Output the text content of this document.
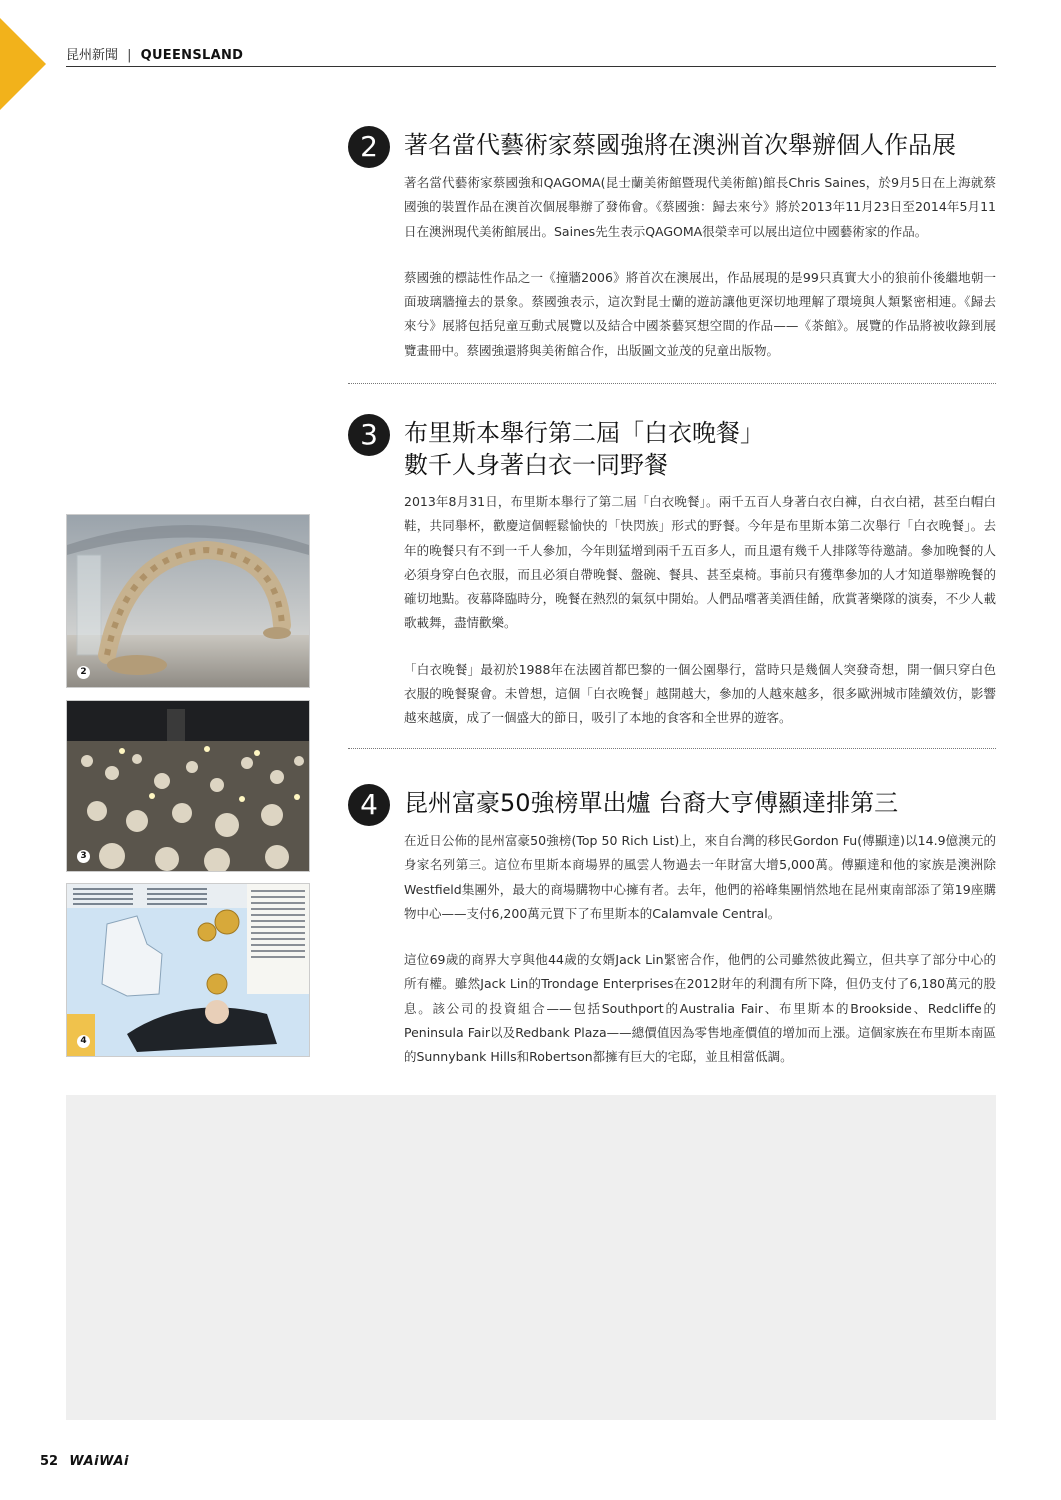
昆州新聞 | QUEENSLAND
2	著名當代藝術家蔡國強將在澳洲首次舉辦個人作品展

著名當代藝術家蔡國強和QAGOMA(昆士蘭美術館暨現代美術館)館長Chris Saines，於9月5日在上海就蔡國強的裝置作品在澳首次個展舉辦了發佈會。《蔡國強：歸去來兮》將於2013年11月23日至2014年5月11日在澳洲現代美術館展出。Saines先生表示QAGOMA很榮幸可以展出這位中國藝術家的作品。

蔡國強的標誌性作品之一《撞牆2006》將首次在澳展出，作品展現的是99只真實大小的狼前仆後繼地朝一面玻璃牆撞去的景象。蔡國強表示，這次對昆士蘭的遊訪讓他更深切地理解了環境與人類緊密相連。《歸去來兮》展將包括兒童互動式展覽以及結合中國茶藝冥想空間的作品——《茶館》。展覽的作品將被收錄到展覽畫冊中。蔡國強還將與美術館合作，出版圖文並茂的兒童出版物。

3	布里斯本舉行第二屆「白衣晚餐」
數千人身著白衣一同野餐

2013年8月31日，布里斯本舉行了第二屆「白衣晚餐」。兩千五百人身著白衣白褲，白衣白裙，甚至白帽白鞋，共同舉杯，歡慶這個輕鬆愉快的「快閃族」形式的野餐。今年是布里斯本第二次舉行「白衣晚餐」。去年的晚餐只有不到一千人參加，今年則猛增到兩千五百多人，而且還有幾千人排隊等待邀請。參加晚餐的人必須身穿白色衣服，而且必須自帶晚餐、盤碗、餐具、甚至桌椅。事前只有獲準參加的人才知道舉辦晚餐的確切地點。夜幕降臨時分，晚餐在熱烈的氣氛中開始。人們品嚐著美酒佳餚，欣賞著樂隊的演奏，不少人載歌載舞，盡情歡樂。

「白衣晚餐」最初於1988年在法國首都巴黎的一個公園舉行，當時只是幾個人突發奇想，開一個只穿白色衣服的晚餐聚會。未曾想，這個「白衣晚餐」越開越大，參加的人越來越多，很多歐洲城市陸續效仿，影響越來越廣，成了一個盛大的節日，吸引了本地的食客和全世界的遊客。

4	昆州富豪50強榜單出爐 台裔大亨傅顯達排第三

在近日公佈的昆州富豪50強榜(Top 50 Rich List)上，來自台灣的移民Gordon Fu(傅顯達)以14.9億澳元的身家名列第三。這位布里斯本商場界的風雲人物過去一年財富大增5,000萬。傅顯達和他的家族是澳洲除Westfield集團外，最大的商場購物中心擁有者。去年，他們的裕峰集團悄然地在昆州東南部添了第19座購物中心——支付6,200萬元買下了布里斯本的Calamvale Central。

這位69歲的商界大亨與他44歲的女婿Jack Lin緊密合作，他們的公司雖然彼此獨立，但共享了部分中心的所有權。雖然Jack Lin的Trondage Enterprises在2012財年的利潤有所下降，但仍支付了6,180萬元的股息。該公司的投資組合——包括Southport的Australia Fair、布里斯本的Brookside、Redcliffe的Peninsula Fair以及Redbank Plaza——總價值因為零售地產價值的增加而上漲。這個家族在布里斯本南區的Sunnybank Hills和Robertson都擁有巨大的宅邸，並且相當低調。

2
3
4
52 WAiWAi
